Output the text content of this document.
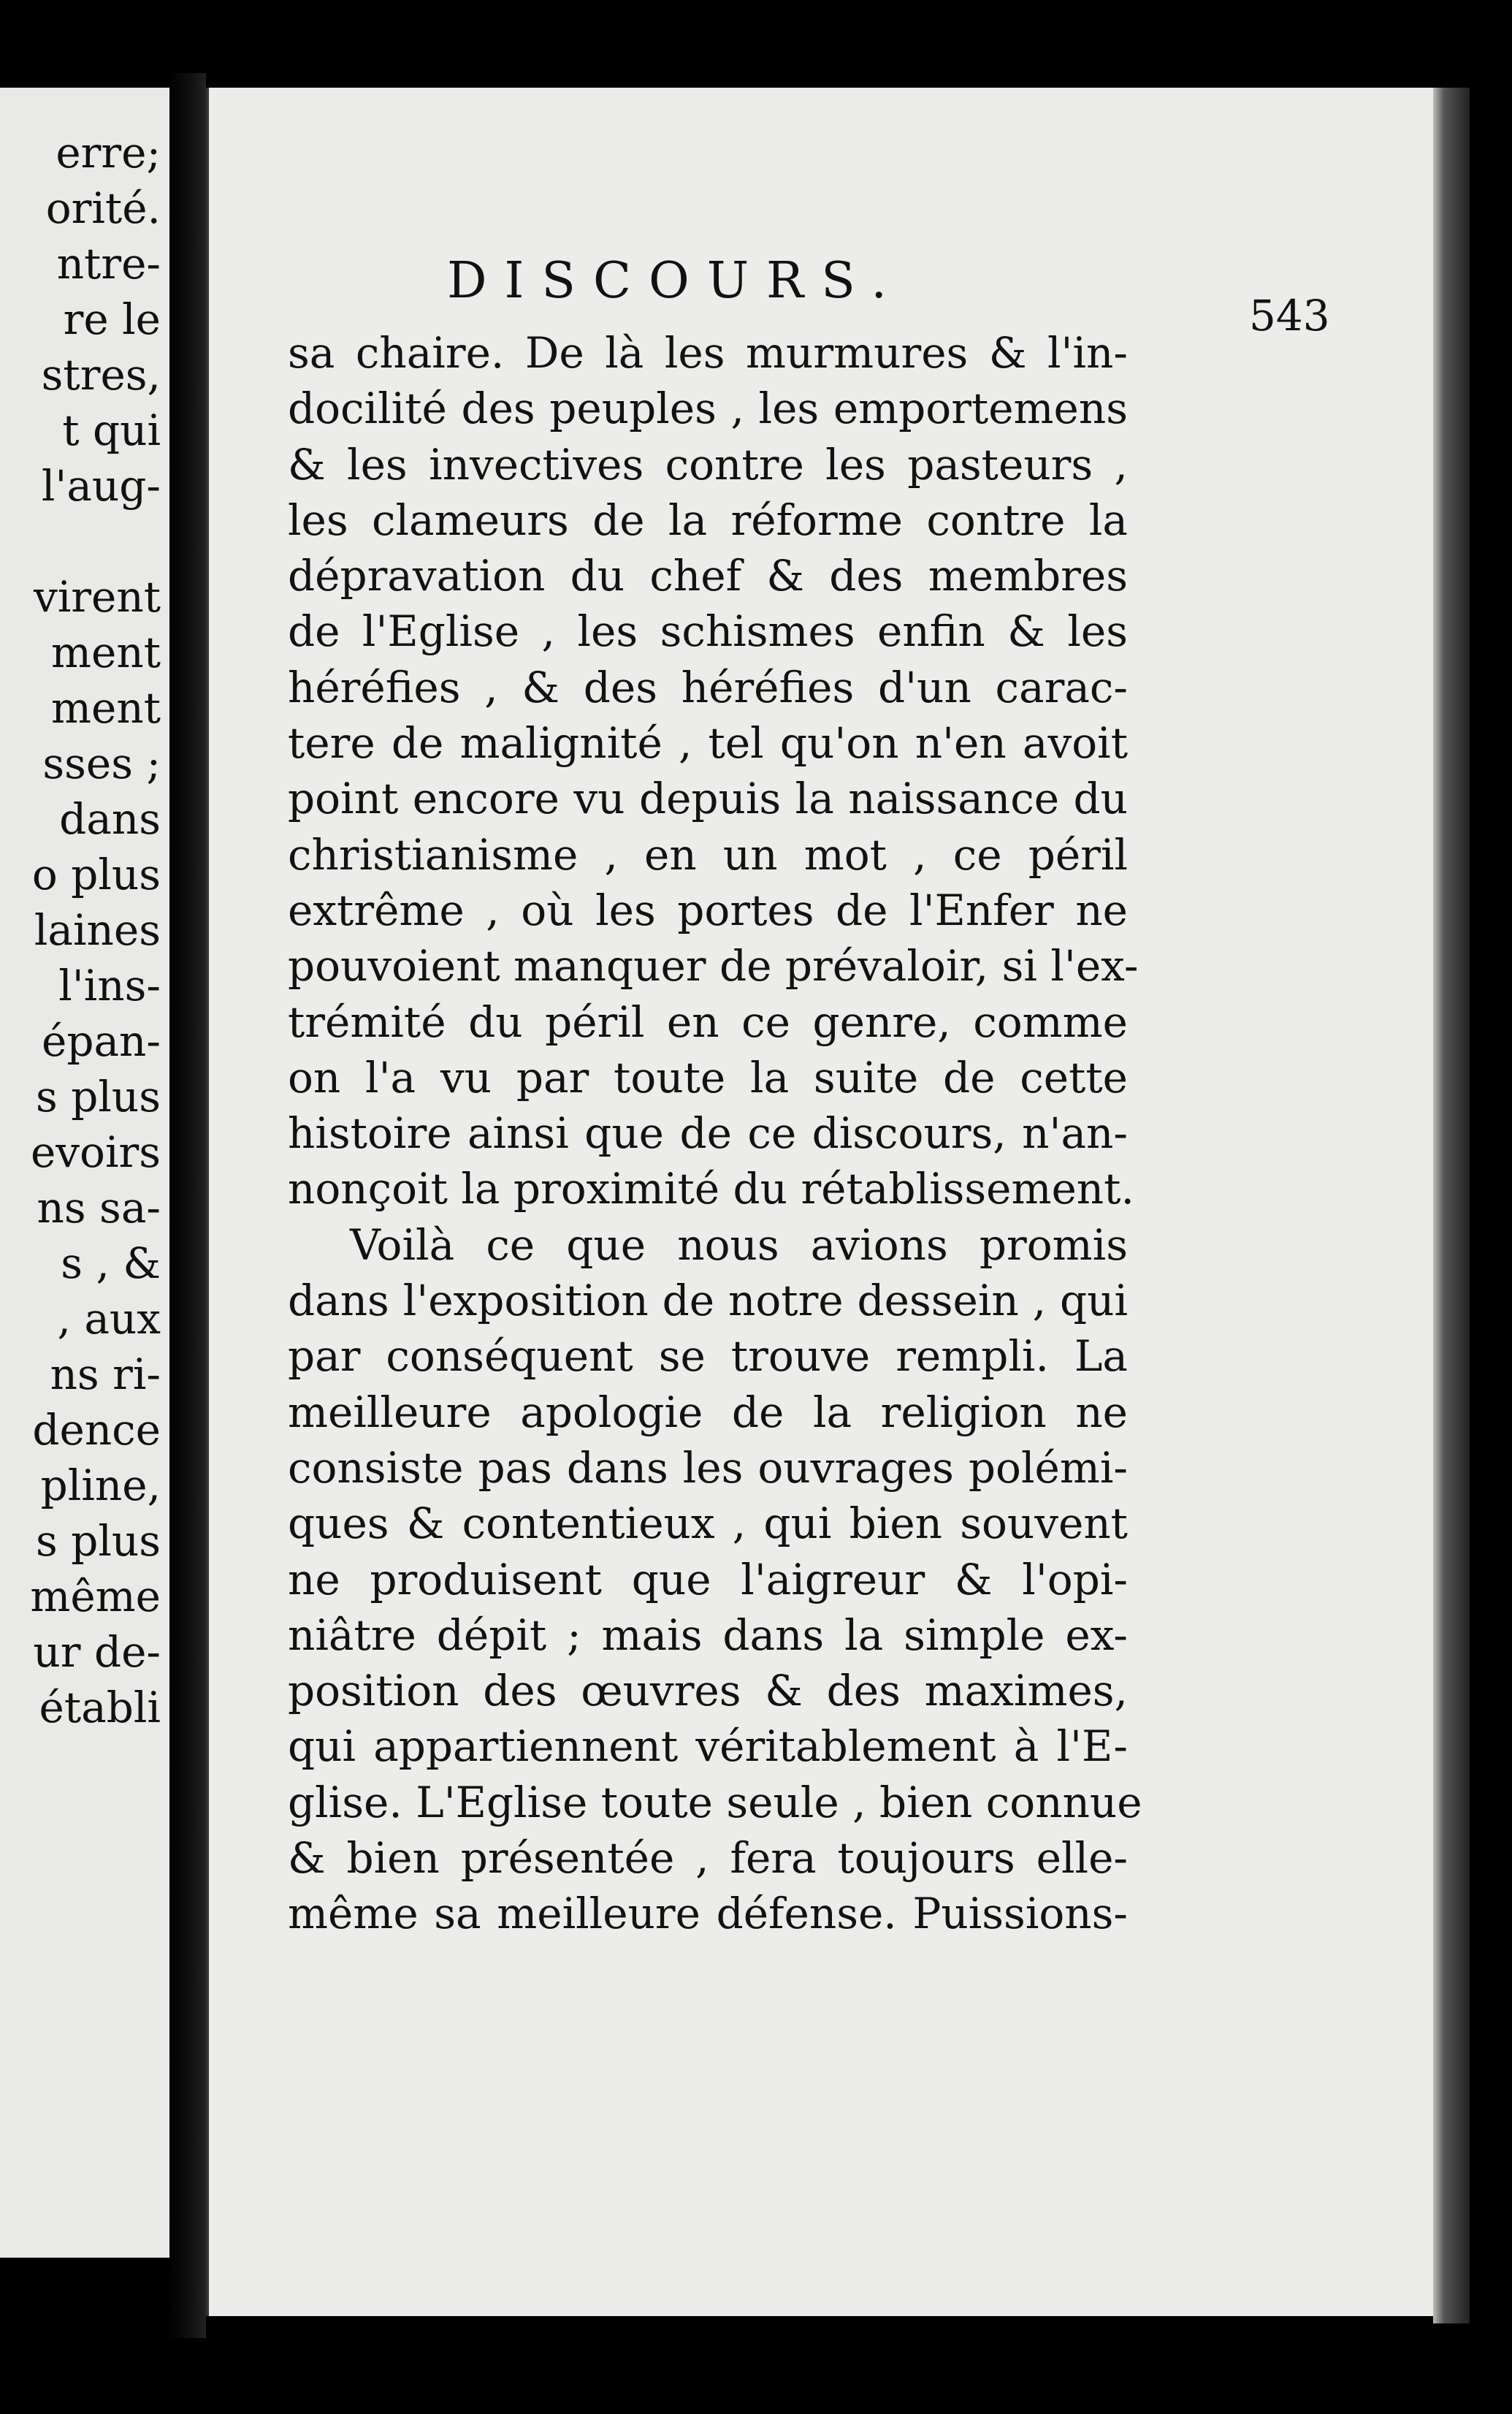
erre;
orité.
ntre-
re le
stres,
t qui
l'aug-
virent
ment
ment
sses ;
dans
o plus
laines
l'ins-
épan-
s plus
evoirs
ns sa-
s , &
, aux
ns ri-
dence
pline,
s plus
même
ur de-
établi
DISCOURS.
543
sa chaire. De là les murmures & l'in-
docilité des peuples , les emportemens
& les invectives contre les pasteurs ,
les clameurs de la réforme contre la
dépravation du chef & des membres
de l'Eglise , les schismes enfin & les
héréfies , & des héréfies d'un carac-
tere de malignité , tel qu'on n'en avoit
point encore vu depuis la naissance du
christianisme , en un mot , ce péril
extrême , où les portes de l'Enfer ne
pouvoient manquer de prévaloir, si l'ex-
trémité du péril en ce genre, comme
on l'a vu par toute la suite de cette
histoire ainsi que de ce discours, n'an-
nonçoit la proximité du rétablissement.
Voilà ce que nous avions promis
dans l'exposition de notre dessein , qui
par conséquent se trouve rempli. La
meilleure apologie de la religion ne
consiste pas dans les ouvrages polémi-
ques & contentieux , qui bien souvent
ne produisent que l'aigreur & l'opi-
niâtre dépit ; mais dans la simple ex-
position des œuvres & des maximes,
qui appartiennent véritablement à l'E-
glise. L'Eglise toute seule , bien connue
& bien présentée , fera toujours elle-
même sa meilleure défense. Puissions-
